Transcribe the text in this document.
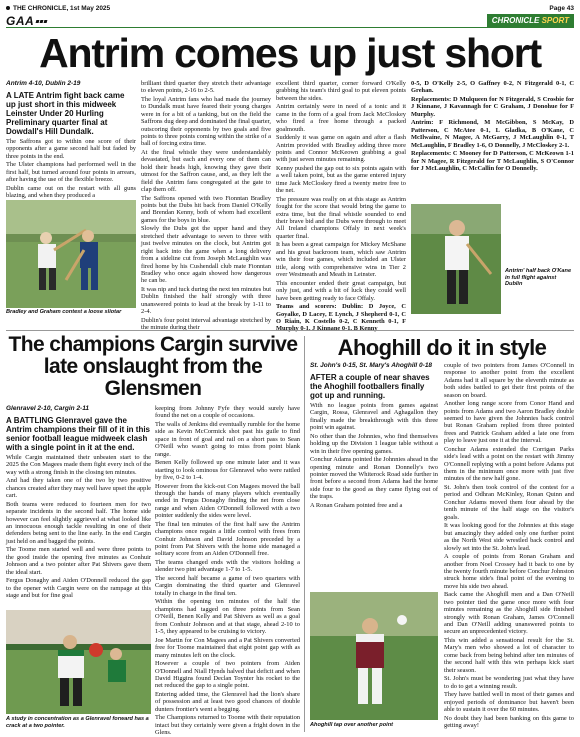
THE CHRONICLE, 1st May 2025	Page 43
GAA	CHRONICLE SPORT
Antrim comes up just short
Antrim 4-10, Dublin 2-19
A LATE Antrim fight back came up just short in this midweek Leinster Under 20 Hurling Preliminary quarter final at Dowdall's Hill Dundalk.

The Saffrons got to within one score of their opponents after a game second half but faded by three points in the end.

The Ulster champions had performed well in the first half, but turned around four points in arrears, after having the use of the flexible breeze.

Dublin came out on the restart with all guns blazing, and when they produced a

Bradley and Graham contest a loose sliotar

brilliant third quarter they stretch their advantage to eleven points, 2-16 to 2-5.

The loyal Antrim fans who had made the journey to Dundalk must have feared their young charges were in for a bit of a tanking, but on the field the Saffrons dug deep and dominated the final quarter, outscoring their opponents by two goals and five points to three points coming within the strike of a ball of forcing extra time.

At the final whistle they were understandably devastated, but each and every one of them can hold their heads high, knowing they gave their utmost for the Saffron cause, and, as they left the field the Antrim fans congregated at the gate to clap them off.

The Saffrons opened with two Fionntan Bradley points but the Dubs hit back from Daniel O'Kelly and Brendan Kenny, both of whom had excellent games for the boys in blue.

Slowly the Dubs got the upper hand and they stretched their advantage to seven to three with just twelve minutes on the clock, but Antrim got right back into the game when a long delivery from a sideline cut from Joseph McLaughlin was fired home by his Cushendall club mate Fionntan Bradley who once again showed how dangerous he can be.

It was nip and tuck during the next ten minutes but Dublin finished the half strongly with three unanswered points to lead at the break by 1-11 to 2-4.

Dublin's four point interval advantage stretched by the minute during their

excellent third quarter, corner forward O'Kelly grabbing his team's third goal to put eleven points between the sides.

Antrim certainly were in need of a tonic and it came in the form of a goal from Jack McCloskey who fired a free home through a packed goalmouth.

Suddenly it was game on again and after a flash Antrim provided with Bradley adding three more points and Connor McKeown grabbing a goal with just seven minutes remaining.

Kenny pushed the gap out to six points again with a well taken point, but as the game entered injury time Jack McCloskey fired a twenty metre free to the net.

The pressure was really on at this stage as Antrim fought for the score that would bring the game to extra time, but the final whistle sounded to end their brave bid and the Dubs were through to meet All Ireland champions Offaly in next week's quarter final.

It has been a great campaign for Mickey McShane and his great backroom team, which saw Antrim win their four games, which included an Ulster title, along with comprehensive wins in Tier 2 over Westmeath and Meath in Leinster.

This encounter ended their great campaign, but only just, and with a bit of luck they could well have been getting ready to face Offaly.

Teams and scorers: Dublin: D Joyce, C Goyalke, D Lacey, E Lynch, J Shepherd 0-1, C O Riain, K Costello 0-2, C Kenneth 0-1, F Murphy 0-1, J Kinnane 0-1, B Kenny

0-5, D O'Kelly 2-5, O Gaffney 0-2, N Fitzgerald 0-1, C Grehan.

Replacements: D Mulqueen for N Fitzgerald, S Crosbie for J Kinnane, J Kavannagh for C Graham, J Donohue for F Murphy.

Antrim: F Richmond, M McGibbon, S McKay, D Patterson, C McAtee 0-1, L Gladka, B O'Kane, C McIlwaine, N Magee, A McGarry, J McLaughlin 0-1, T McLaughlin, F Bradley 1-6, O Donnelly, J McCloskey 2-1.

Replacements: C Mooney for D Patterson, C McKeown 1-1 for N Magee, R Fitzgerald for T McLaughlin, S O'Connor for J McLaughlin, C McCallin for O Donnelly.

Antrim' half back O'Kane in full flight against Dublin
The champions Cargin survive late onslaught from the Glensmen
Glenravel 2-10, Cargin 2-11
A BATTLING Glenravel gave the Antrim champions their fill of it in this senior football league midweek clash with a single point in it at the end.

While Cargin maintained their unbeaten start to the 2025 the Con Magees made them fight every inch of the way with a strong finish in the closing ten minutes.

And had they taken one of the two by two positive chances created after they may well have upset the apple cart.

Both teams were reduced to fourteen men for two separate incidents in the second half. The home side however can feel slightly aggrieved at what looked like an innocuous enough tackle resulting in one of their defenders being sent to the line early. In the end Cargin just held on and bagged the points.

The Toome men started well and were three points to the good inside the opening five minutes as Conhuir Johnson and a two pointer after Pat Shivers gave them the ideal start.

Fergus Donaghy and Aiden O'Donnell reduced the gap to the opener with Cargin were on the rampage at this stage and but for fine goal

A study in concentration as a Glenravel forward has a crack at a two pointer.

keeping from Johnny Fyfe they would surely have found the net on a couple of occasions.

The walls of Jenkins did eventually rumble for the home side as Kevin McCormick shot past his guile to find space in front of goal and rail on a short pass to Sean O'Neill who wasn't going to miss from point blank range.

Benen Kelly followed up one minute later and it was starting to look ominous for Glenravel who were rattled by five, 0-2 to 1-4.

However from the kick-out Con Magees moved the ball through the hands of many players which eventually ended in Fergus Donaghy finding the net from close range and when Aiden O'Donnell followed with a two pointer suddenly the sides were level.

The final ten minutes of the first half saw the Antrim champions once regain a little control with frees from Conhuir Johnson and David Johnson preceded by a point from Pat Shivers with the home side managed a solitary score from an Aiden O'Donnell free.

The teams changed ends with the visitors holding a slender two pint advantage 1-7 to 1-5.

The second half became a game of two quarters with Cargin dominating the third quarter and Glenravel totally in charge in the final ten.

Within the opening ten minutes of the half the champions had tagged on three points from Sean O'Neill, Benen Kelly and Pat Shivers as well as a goal from Conhuir Johnson and at that stage, ahead 2-10 to 1-5, they appeared to be cruising to victory.

Joe Martin for Con Magees and a Pat Shivers converted free for Toome maintained that eight point gap with as many minutes left on the clock.

However a couple of two pointers from Aiden O'Donnell and Niall Hynds halved that deficit and when David Higgins found Declan Toynter his rocket to the net reduced the gap to a single point.

Entering added time, the Glenravel had the lion's share of possession and at least two good chances of double dunters frontier's went a begging.

The Champions returned to Toome with their reputation intact but they certainly were given a fright down in the Glens.

Ahoghill do it in style
St. John's 0-15, St. Mary's Ahoghill 0-18
AFTER a couple of near shaves the Ahoghill footballers finally got up and running.

With no league points from games against Cargin, Rossa, Glenravel and Aghagallon they finally made the breakthrough with this three point win against.

No other than the Johnnies, who find themselves holding up the Division 1 league table without a win in their five opening games.

Conchur Adams pointed the Johnnies ahead in the opening minute and Ronan Donnelly's two pointer moved the Whiterock Road side further in front before a second from Adams had the home side four to the good as they came flying out of the traps.

A Ronan Graham pointed free and a

Ahoghill tap over another point

couple of two pointers from James O'Connell in response to another point from the excellent Adams had it all square by the eleventh minute as both sides battled to get their first points of the season on board.

Another long range score from Conor Hand and points from Adams and two Aaron Bradley double seemed to have given the Johnnies back control but Ronan Graham replied from three pointed frees and Patrick Graham added a late one from play to leave just one it at the interval.

Conchur Adams extended the Corrigan Parks side's lead with a point on the restart with Jimmy O'Connell replying with a point before Adams put them in the minimum once more with just five minutes of the new half gone.

St. John's then took control of the contest for a period and Odhran McKinley, Ronan Quinn and Conchur Adams moved them four ahead by the tenth minute of the half stage on the visitor's goals.

It was looking good for the Johnnies at this stage but amazingly they added only one further point as the North West side wrestled back control and slowly set into the St. John's lead.

A couple of points from Ronan Graham and another from Noel Crossey had it back to one by the twenty fourth minute before Conchur Johnston struck home side's final point of the evening to move his side two ahead.

Back came the Ahoghill men and a Dan O'Neill two pointer tied the game once more with four minutes remaining as the Ahoghill side finished strongly with Ronan Graham, James O'Connell and Dan O'Neill adding unanswered points to secure an unprecedented victory.

This win added a sensational result for the St. Mary's men who showed a lot of character to come back from being behind after ten minutes of the second half with this win perhaps kick start their season.

St. John's must be wondering just what they have to do to get a winning result.

They have battled well in most of their games and enjoyed periods of dominance but haven't been able to sustain it over the 60 minutes.

No doubt they had been banking on this game to getting away!
